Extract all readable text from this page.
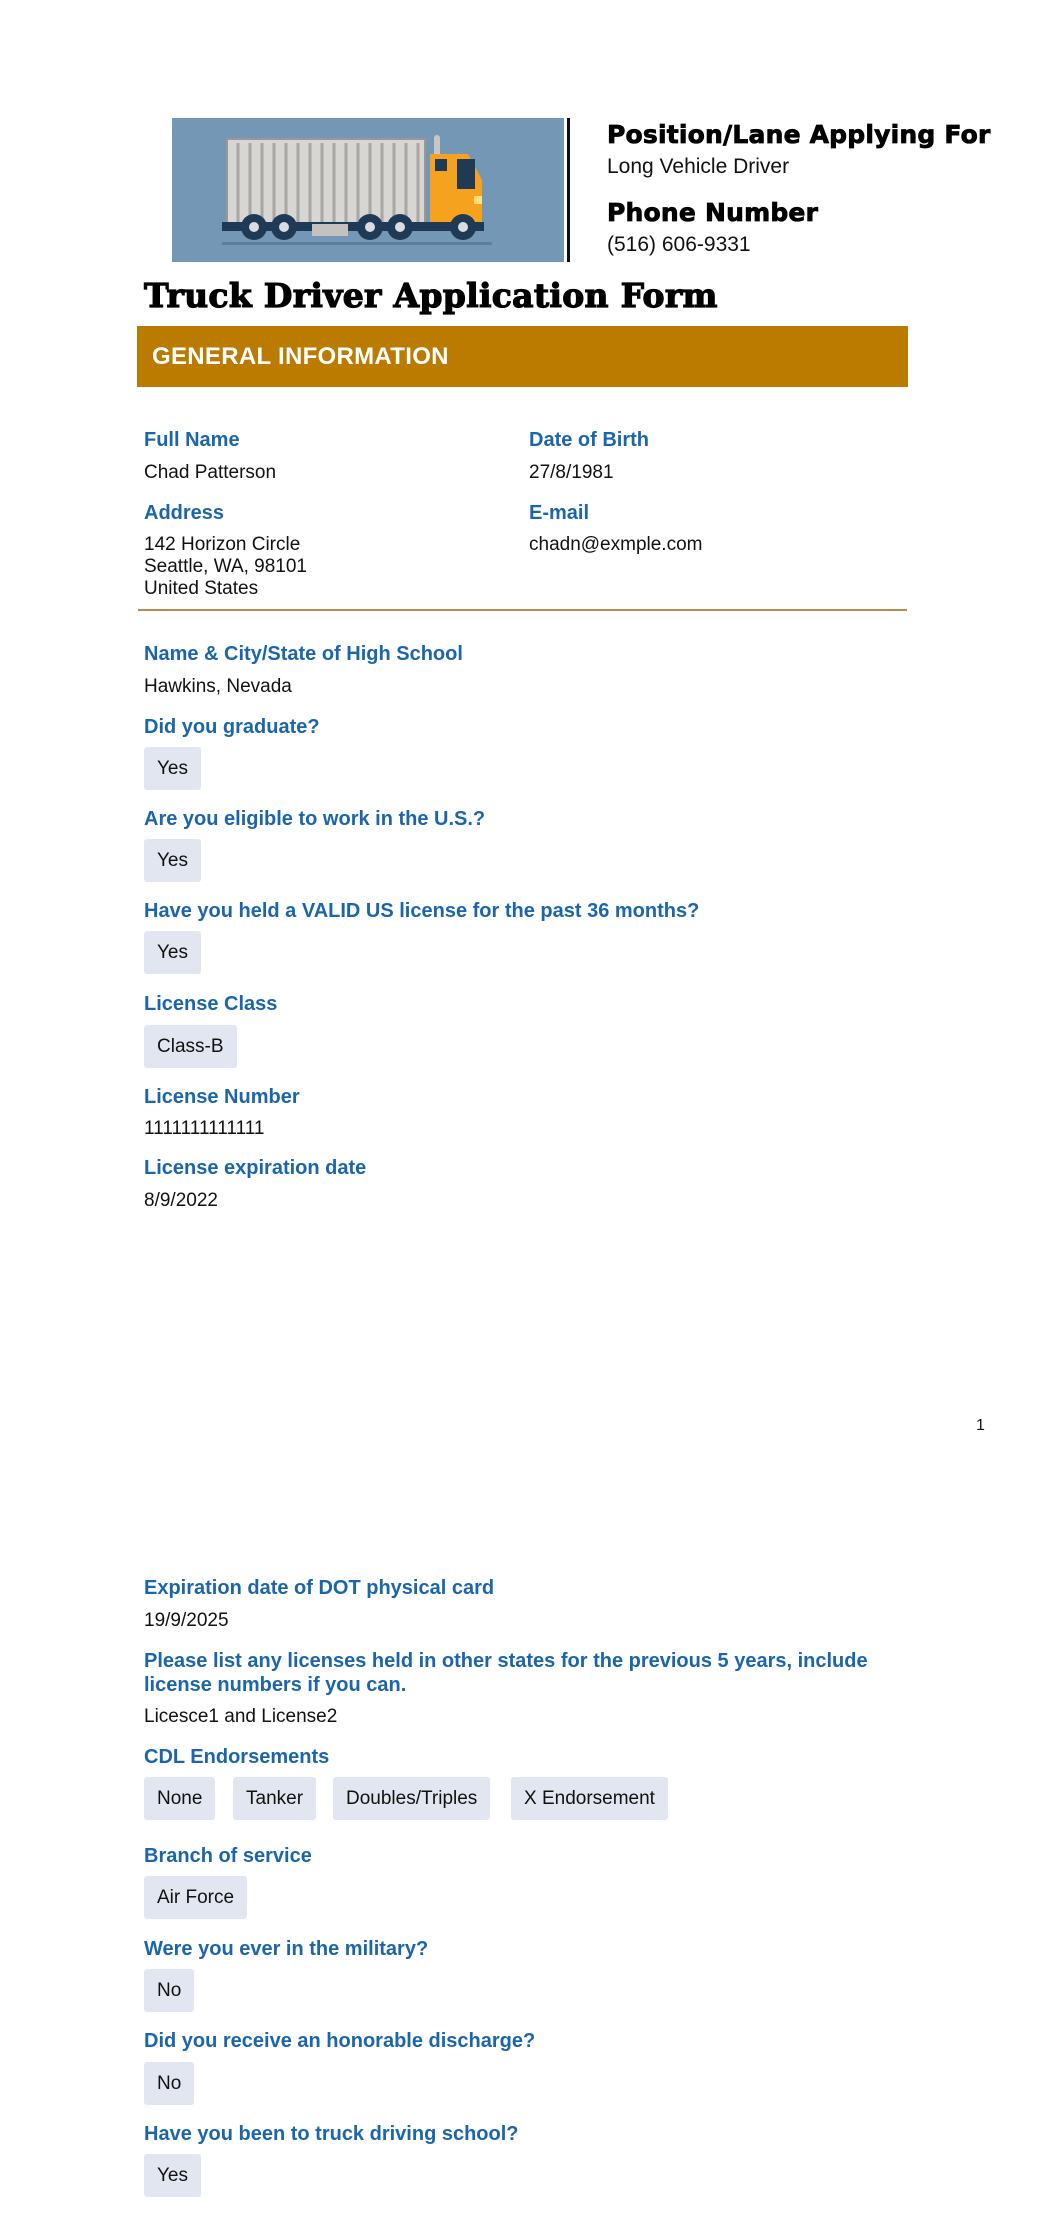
Position/Lane Applying For
Long Vehicle Driver
Phone Number
(516) 606-9331
Truck Driver Application Form
GENERAL INFORMATION
Full Name
Chad Patterson
Date of Birth
27/8/1981
Address
142 Horizon Circle
Seattle, WA, 98101
United States
E-mail
chadn@exmple.com
Name & City/State of High School
Hawkins, Nevada
Did you graduate?
Yes
Are you eligible to work in the U.S.?
Yes
Have you held a VALID US license for the past 36 months?
Yes
License Class
Class-B
License Number
1111111111111
License expiration date
8/9/2022
1
Expiration date of DOT physical card
19/9/2025
Please list any licenses held in other states for the previous 5 years, include
license numbers if you can.
Licesce1 and License2
CDL Endorsements
None	Tanker	Doubles/Triples	X Endorsement
Branch of service
Air Force
Were you ever in the military?
No
Did you receive an honorable discharge?
No
Have you been to truck driving school?
Yes
